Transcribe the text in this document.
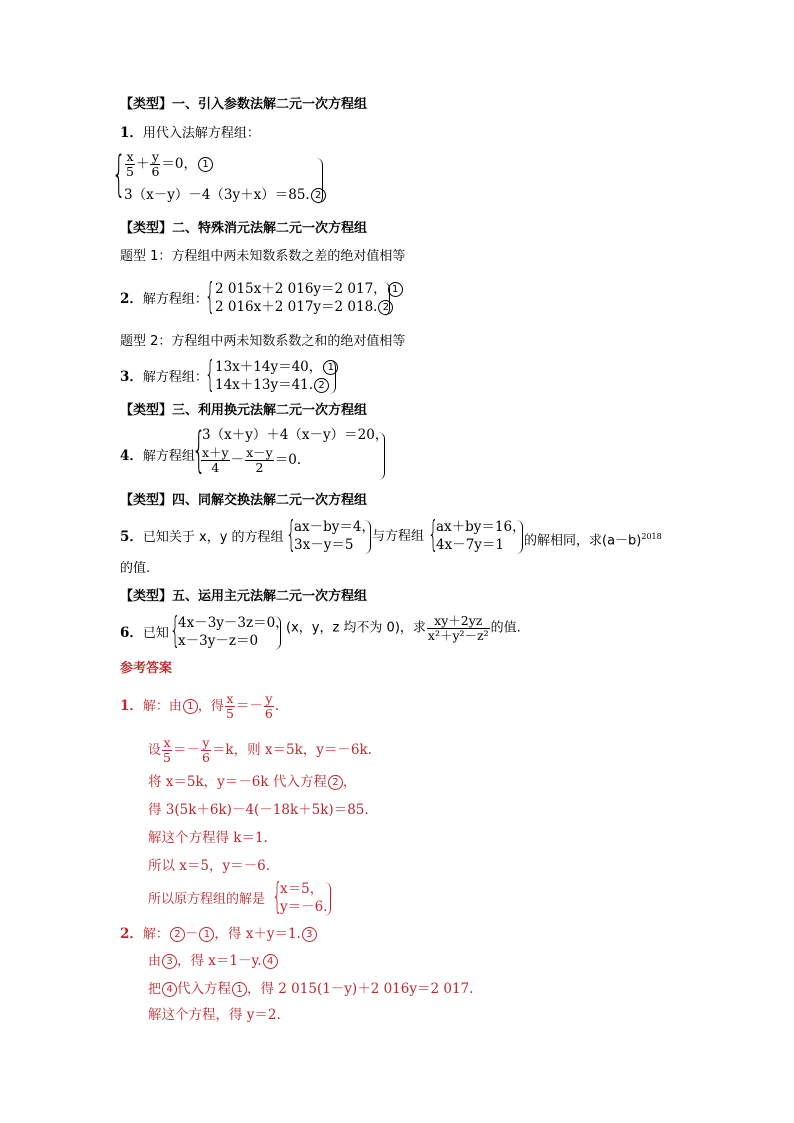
【类型】一、引入参数法解二元一次方程组
1．用代入法解方程组：
{ $\frac{x}{5} + \frac{y}{6} =0$， 1
3（x－y）－4（3y＋x）＝85. 2
【类型】二、特殊消元法解二元一次方程组
题型 1：方程组中两未知数系数之差的绝对值相等
2．解方程组：
{ 2 015x＋2 016y＝2 017， 1
2 016x＋2 017y＝2 018. 2
题型 2：方程组中两未知数系数之和的绝对值相等
3．解方程组：
{ 13x＋14y＝40， 1
14x＋13y＝41. 2
【类型】三、利用换元法解二元一次方程组
4．解方程组
{
3（x＋y）＋4（x－y）＝20，
$\frac{x+y}{4} - \frac{x-y}{2} =0$.
【类型】四、同解交换法解二元一次方程组
5．已知关于 x，y 的方程组 {
ax－by＝4，
3x－y＝5
与方程组 {
ax＋by＝16，
4x－7y＝1 的解相同，求$(a-b)^{2018}$
的值.
【类型】五、运用主元法解二元一次方程组
6．已知 {
4x－3y－3z＝0，
x－3y－z＝0
(x，y，z 均不为 0)，求 $\frac{xy+2yz}{\text{x²＋y²－z²}}$ 的值.
参考答案
1．解：由 1 ，得 $\frac{x}{5} =- \frac{y}{6}$ .
设 $\frac{x}{5} =- \frac{y}{6} =k$，则 x＝5k，y＝－6k.
将 x＝5k，y＝－6k 代入方程 2 ，
得 3(5k＋6k)－4(－18k＋5k)＝85.
解这个方程得 k＝1.
所以 x＝5，y＝－6.
所以原方程组的解是 {
x＝5，
y＝－6.
2．解： 2 － 1 ，得 x＋y＝1. 3
由 3 ，得 x＝1－y. 4
把 4 代入方程 1 ，得 2 015(1－y)＋2 016y＝2 017.
解这个方程，得 y＝2.
